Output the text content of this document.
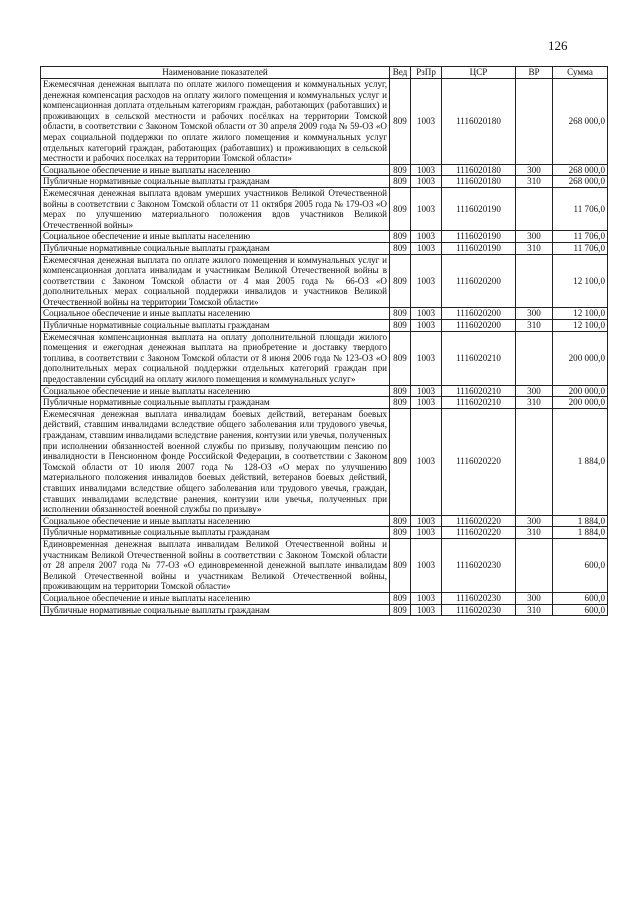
126
Наименование показателей	Вед	РзПр	ЦСР	ВР	Сумма
Ежемесячная денежная выплата по оплате жилого помещения и коммунальных услуг, денежная компенсация расходов на оплату жилого помещения и коммунальных услуг и компенсационная доплата отдельным категориям граждан, работающих (работавших) и проживающих в сельской местности и рабочих посёлках на территории Томской области, в соответствии с Законом Томской области от 30 апреля 2009 года № 59-ОЗ «О мерах социальной поддержки по оплате жилого помещения и коммунальных услуг отдельных категорий граждан, работающих (работавших) и проживающих в сельской местности и рабочих поселках на территории Томской области»	809	1003	1116020180		268 000,0
Социальное обеспечение и иные выплаты населению	809	1003	1116020180	300	268 000,0
Публичные нормативные социальные выплаты гражданам	809	1003	1116020180	310	268 000,0
Ежемесячная денежная выплата вдовам умерших участников Великой Отечественной войны в соответствии с Законом Томской области от 11 октября 2005 года № 179-ОЗ «О мерах по улучшению материального положения вдов участников Великой Отечественной войны»	809	1003	1116020190		11 706,0
Социальное обеспечение и иные выплаты населению	809	1003	1116020190	300	11 706,0
Публичные нормативные социальные выплаты гражданам	809	1003	1116020190	310	11 706,0
Ежемесячная денежная выплата по оплате жилого помещения и коммунальных услуг и компенсационная доплата инвалидам и участникам Великой Отечественной войны в соответствии с Законом Томской области от 4 мая 2005 года № 66-ОЗ «О дополнительных мерах социальной поддержки инвалидов и участников Великой Отечественной войны на территории Томской области»	809	1003	1116020200		12 100,0
Социальное обеспечение и иные выплаты населению	809	1003	1116020200	300	12 100,0
Публичные нормативные социальные выплаты гражданам	809	1003	1116020200	310	12 100,0
Ежемесячная компенсационная выплата на оплату дополнительной площади жилого помещения и ежегодная денежная выплата на приобретение и доставку твердого топлива, в соответствии с Законом Томской области от 8 июня 2006 года № 123-ОЗ «О дополнительных мерах социальной поддержки отдельных категорий граждан при предоставлении субсидий на оплату жилого помещения и коммунальных услуг»	809	1003	1116020210		200 000,0
Социальное обеспечение и иные выплаты населению	809	1003	1116020210	300	200 000,0
Публичные нормативные социальные выплаты гражданам	809	1003	1116020210	310	200 000,0
Ежемесячная денежная выплата инвалидам боевых действий, ветеранам боевых действий, ставшим инвалидами вследствие общего заболевания или трудового увечья, гражданам, ставшим инвалидами вследствие ранения, контузии или увечья, полученных при исполнении обязанностей военной службы по призыву, получающим пенсию по инвалидности в Пенсионном фонде Российской Федерации, в соответствии с Законом Томской области от 10 июля 2007 года № 128-ОЗ «О мерах по улучшению материального положения инвалидов боевых действий, ветеранов боевых действий, ставших инвалидами вследствие общего заболевания или трудового увечья, граждан, ставших инвалидами вследствие ранения, контузии или увечья, полученных при исполнении обязанностей военной службы по призыву»	809	1003	1116020220		1 884,0
Социальное обеспечение и иные выплаты населению	809	1003	1116020220	300	1 884,0
Публичные нормативные социальные выплаты гражданам	809	1003	1116020220	310	1 884,0
Единовременная денежная выплата инвалидам Великой Отечественной войны и участникам Великой Отечественной войны в соответствии с Законом Томской области от 28 апреля 2007 года № 77-ОЗ «О единовременной денежной выплате инвалидам Великой Отечественной войны и участникам Великой Отечественной войны, проживающим на территории Томской области»	809	1003	1116020230		600,0
Социальное обеспечение и иные выплаты населению	809	1003	1116020230	300	600,0
Публичные нормативные социальные выплаты гражданам	809	1003	1116020230	310	600,0
